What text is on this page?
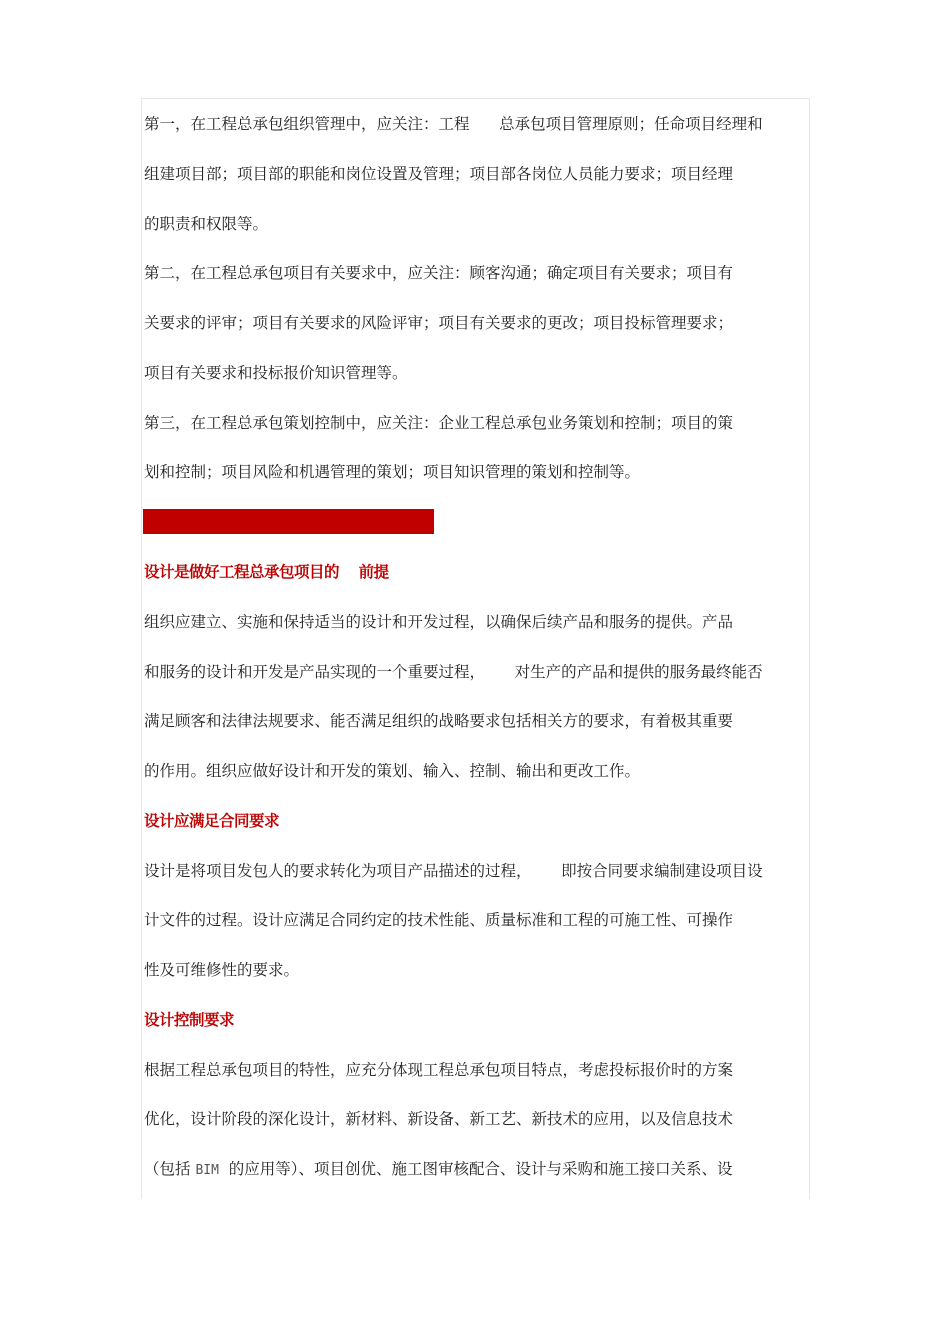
第一，在工程总承包组织管理中，应关注：工程      总承包项目管理原则；任命项目经理和
组建项目部；项目部的职能和岗位设置及管理；项目部各岗位人员能力要求；项目经理
的职责和权限等。
第二，在工程总承包项目有关要求中，应关注：顾客沟通；确定项目有关要求；项目有
关要求的评审；项目有关要求的风险评审；项目有关要求的更改；项目投标管理要求；
项目有关要求和投标报价知识管理等。
第三，在工程总承包策划控制中，应关注：企业工程总承包业务策划和控制；项目的策
划和控制；项目风险和机遇管理的策划；项目知识管理的策划和控制等。
设计是做好工程总承包项目的    前提
组织应建立、实施和保持适当的设计和开发过程，以确保后续产品和服务的提供。产品
和服务的设计和开发是产品实现的一个重要过程，      对生产的产品和提供的服务最终能否
满足顾客和法律法规要求、能否满足组织的战略要求包括相关方的要求，有着极其重要
的作用。组织应做好设计和开发的策划、输入、控制、输出和更改工作。
设计应满足合同要求
设计是将项目发包人的要求转化为项目产品描述的过程，      即按合同要求编制建设项目设
计文件的过程。设计应满足合同约定的技术性能、质量标准和工程的可施工性、可操作
性及可维修性的要求。
设计控制要求
根据工程总承包项目的特性，应充分体现工程总承包项目特点，考虑投标报价时的方案
优化，设计阶段的深化设计，新材料、新设备、新工艺、新技术的应用，以及信息技术
（包括 BIM  的应用等）、项目创优、施工图审核配合、设计与采购和施工接口关系、设
